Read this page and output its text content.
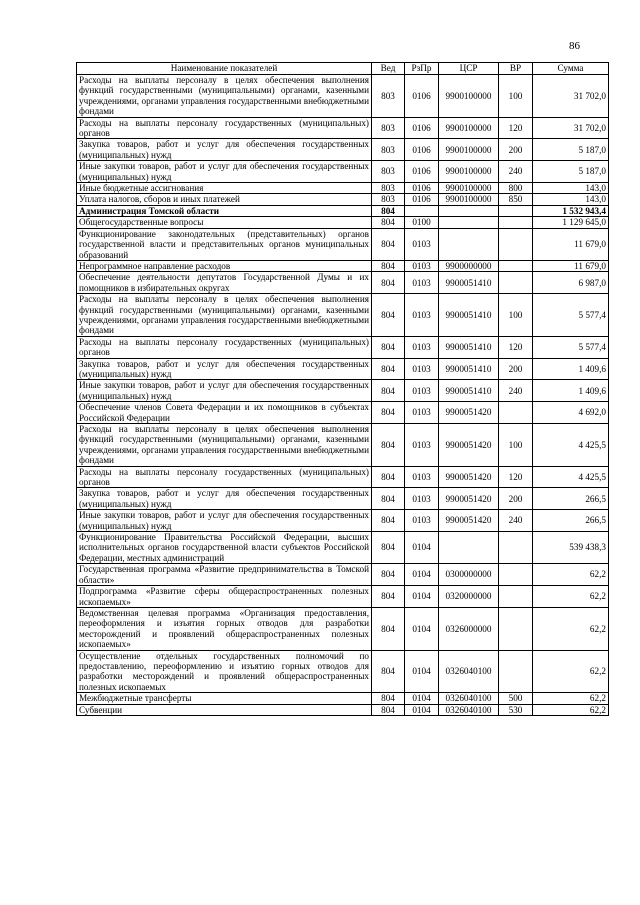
86
Наименование показателей	Вед	РзПр	ЦСР	ВР	Сумма
Расходы на выплаты персоналу в целях обеспечения выполнения функций государственными (муниципальными) органами, казенными учреждениями, органами управления государственными внебюджетными фондами	803	0106	9900100000	100	31 702,0
Расходы на выплаты персоналу государственных (муниципальных) органов	803	0106	9900100000	120	31 702,0
Закупка товаров, работ и услуг для обеспечения государственных (муниципальных) нужд	803	0106	9900100000	200	5 187,0
Иные закупки товаров, работ и услуг для обеспечения государственных (муниципальных) нужд	803	0106	9900100000	240	5 187,0
Иные бюджетные ассигнования	803	0106	9900100000	800	143,0
Уплата налогов, сборов и иных платежей	803	0106	9900100000	850	143,0
Администрация Томской области	804				1 532 943,4
Общегосударственные вопросы	804	0100			1 129 645,0
Функционирование законодательных (представительных) органов государственной власти и представительных органов муниципальных образований	804	0103			11 679,0
Непрограммное направление расходов	804	0103	9900000000		11 679,0
Обеспечение деятельности депутатов Государственной Думы и их помощников в избирательных округах	804	0103	9900051410		6 987,0
Расходы на выплаты персоналу в целях обеспечения выполнения функций государственными (муниципальными) органами, казенными учреждениями, органами управления государственными внебюджетными фондами	804	0103	9900051410	100	5 577,4
Расходы на выплаты персоналу государственных (муниципальных) органов	804	0103	9900051410	120	5 577,4
Закупка товаров, работ и услуг для обеспечения государственных (муниципальных) нужд	804	0103	9900051410	200	1 409,6
Иные закупки товаров, работ и услуг для обеспечения государственных (муниципальных) нужд	804	0103	9900051410	240	1 409,6
Обеспечение членов Совета Федерации и их помощников в субъектах Российской Федерации	804	0103	9900051420		4 692,0
Расходы на выплаты персоналу в целях обеспечения выполнения функций государственными (муниципальными) органами, казенными учреждениями, органами управления государственными внебюджетными фондами	804	0103	9900051420	100	4 425,5
Расходы на выплаты персоналу государственных (муниципальных) органов	804	0103	9900051420	120	4 425,5
Закупка товаров, работ и услуг для обеспечения государственных (муниципальных) нужд	804	0103	9900051420	200	266,5
Иные закупки товаров, работ и услуг для обеспечения государственных (муниципальных) нужд	804	0103	9900051420	240	266,5
Функционирование Правительства Российской Федерации, высших исполнительных органов государственной власти субъектов Российской Федерации, местных администраций	804	0104			539 438,3
Государственная программа «Развитие предпринимательства в Томской области»	804	0104	0300000000		62,2
Подпрограмма «Развитие сферы общераспространенных полезных ископаемых»	804	0104	0320000000		62,2
Ведомственная целевая программа «Организация предоставления, переоформления и изъятия горных отводов для разработки месторождений и проявлений общераспространенных полезных ископаемых»	804	0104	0326000000		62,2
Осуществление отдельных государственных полномочий по предоставлению, переоформлению и изъятию горных отводов для разработки месторождений и проявлений общераспространенных полезных ископаемых	804	0104	0326040100		62,2
Межбюджетные трансферты	804	0104	0326040100	500	62,2
Субвенции	804	0104	0326040100	530	62,2
